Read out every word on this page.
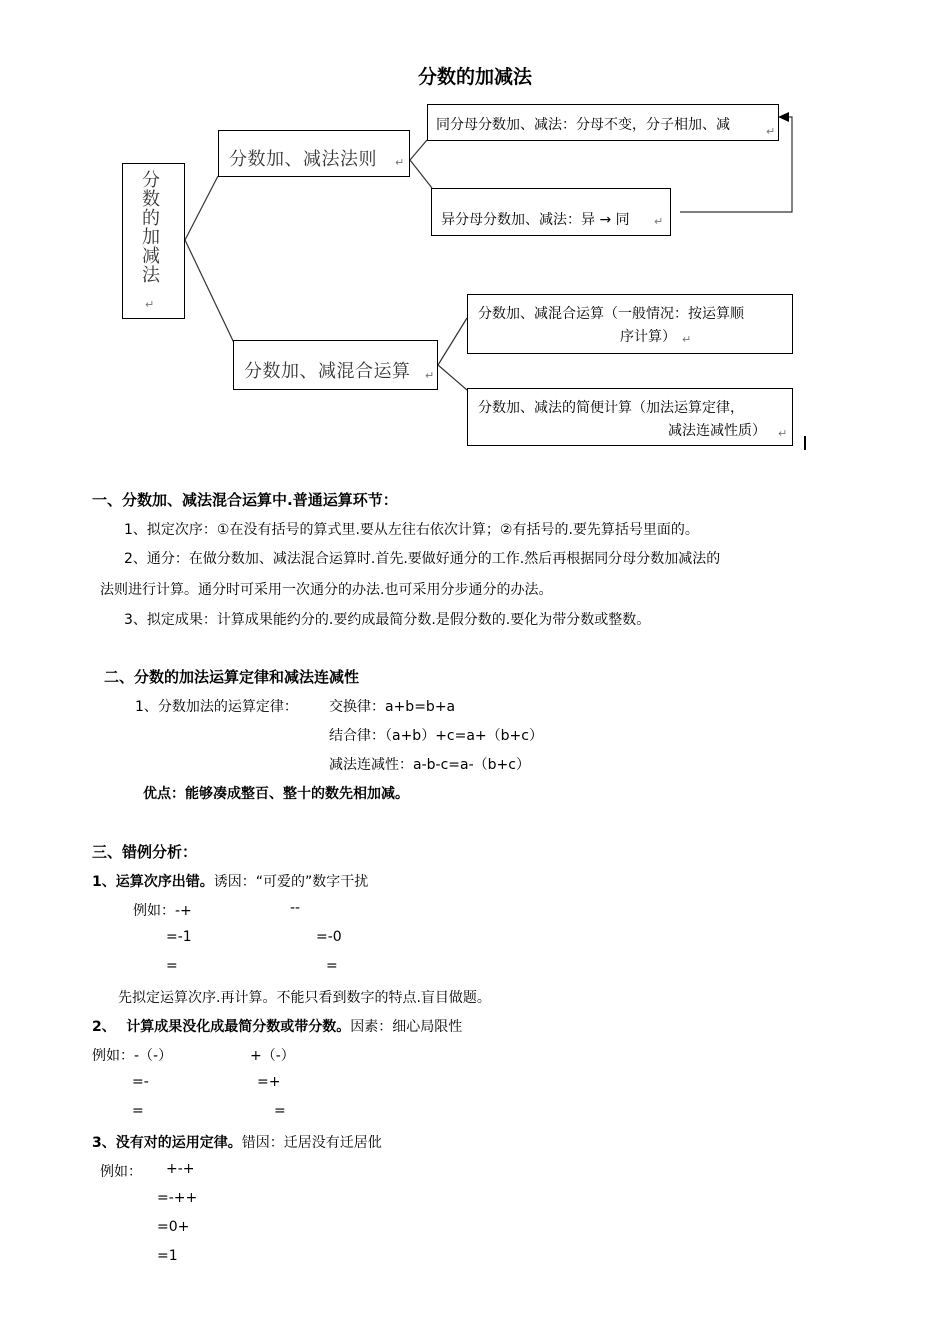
分数的加减法
分数的加减法
↵
分数加、减法法则 ↵
同分母分数加、减法：分母不变，分子相加、减	↵
异分母分数加、减法：异 → 同 ↵
分数加、减混合运算 ↵
分数加、减混合运算（一般情况：按运算顺
序计算） ↵
分数加、减法的简便计算（加法运算定律，
减法连减性质） ↵
一、分数加、减法混合运算中.普通运算环节：
1、拟定次序：①在没有括号的算式里.要从左往右依次计算；②有括号的.要先算括号里面的。
2、通分：在做分数加、减法混合运算时.首先.要做好通分的工作.然后再根据同分母分数加减法的
法则进行计算。通分时可采用一次通分的办法.也可采用分步通分的办法。
3、拟定成果：计算成果能约分的.要约成最简分数.是假分数的.要化为带分数或整数。
二、分数的加法运算定律和减法连减性
1、分数加法的运算定律： 交换律：a+b=b+a
结合律：（a+b）+c=a+（b+c）
减法连减性：a-b-c=a-（b+c）
优点：能够凑成整百、整十的数先相加减。
三、错例分析：
1、运算次序出错。诱因：“可爱的”数字干扰
例如：-+	--
=-1	=-0
=	=
先拟定运算次序.再计算。不能只看到数字的特点.盲目做题。
2、 计算成果没化成最简分数或带分数。因素：细心局限性
例如：-（-）	+（-）
=-	=+
=	=
3、没有对的运用定律。错因：迁居没有迁居仳
例如： +-+
=-++
=0+
=1
